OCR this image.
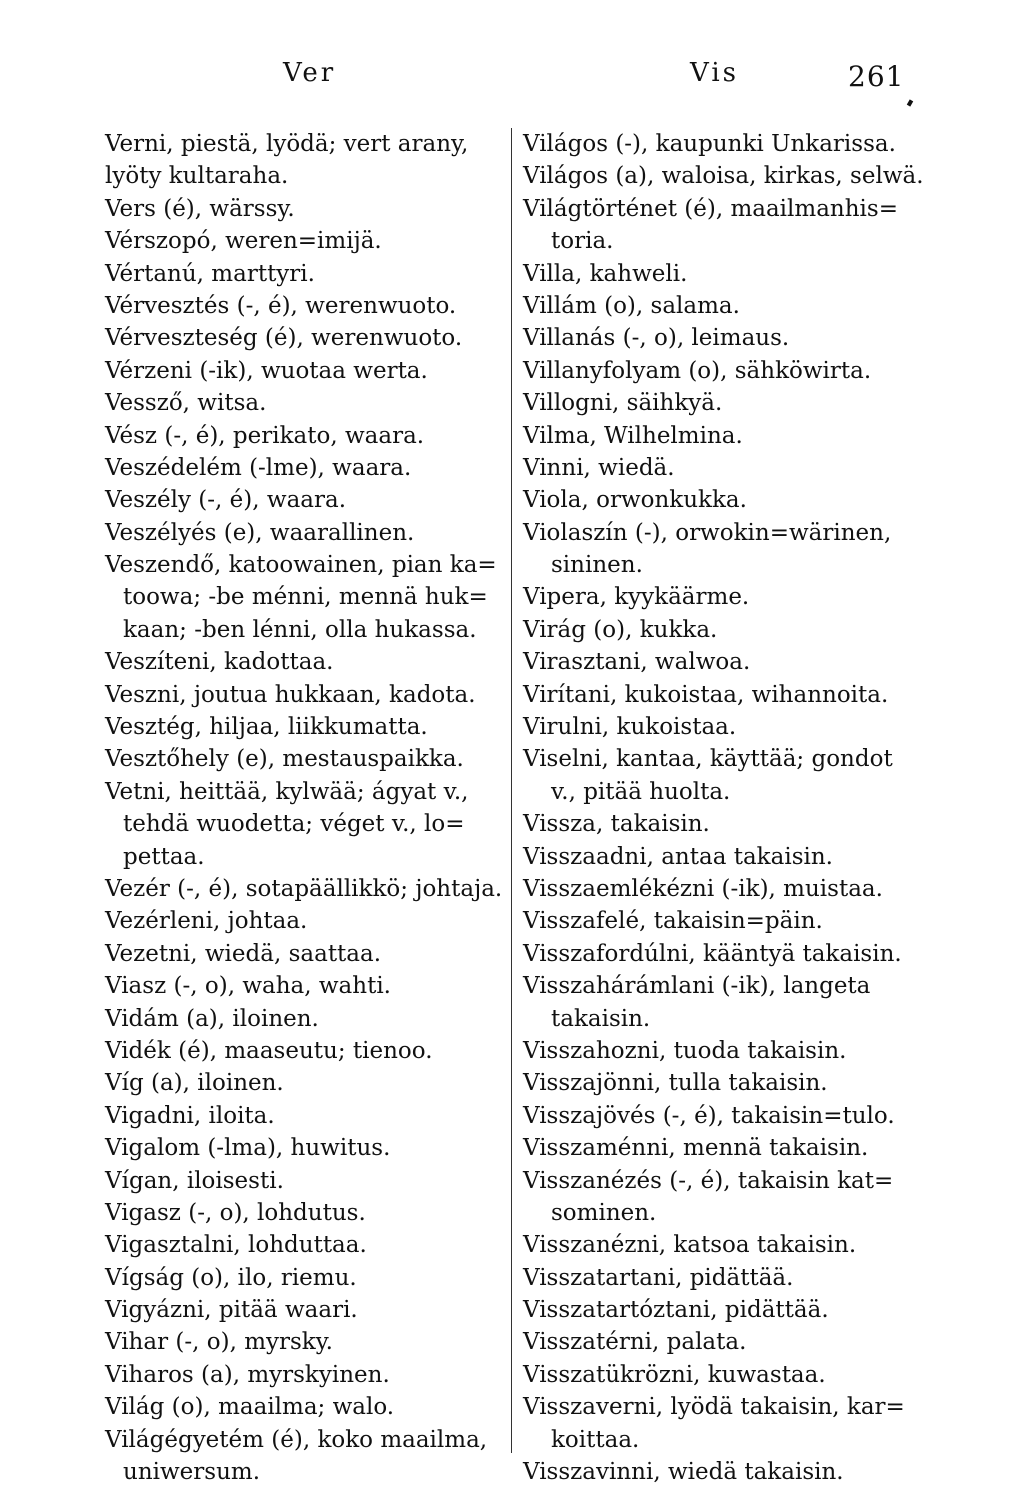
Ver	Vis	261
Verni, piestä, lyödä; vert arany,
lyöty kultaraha.
Vers (é), wärssy.
Vérszopó, weren=imijä.
Vértanú, marttyri.
Vérvesztés (-, é), werenwuoto.
Vérveszteség (é), werenwuoto.
Vérzeni (-ik), wuotaa werta.
Vessző, witsa.
Vész (-, é), perikato, waara.
Veszédelém (-lme), waara.
Veszély (-, é), waara.
Veszélyés (e), waarallinen.
Veszendő, katoowainen, pian ka=
toowa; -be ménni, mennä huk=
kaan; -ben lénni, olla hukassa.
Veszíteni, kadottaa.
Veszni, joutua hukkaan, kadota.
Vesztég, hiljaa, liikkumatta.
Vesztőhely (e), mestauspaikka.
Vetni, heittää, kylwää; ágyat v.,
tehdä wuodetta; véget v., lo=
pettaa.
Vezér (-, é), sotapäällikkö; johtaja.
Vezérleni, johtaa.
Vezetni, wiedä, saattaa.
Viasz (-, o), waha, wahti.
Vidám (a), iloinen.
Vidék (é), maaseutu; tienoo.
Víg (a), iloinen.
Vigadni, iloita.
Vigalom (-lma), huwitus.
Vígan, iloisesti.
Vigasz (-, o), lohdutus.
Vigasztalni, lohduttaa.
Vígság (o), ilo, riemu.
Vigyázni, pitää waari.
Vihar (-, o), myrsky.
Viharos (a), myrskyinen.
Világ (o), maailma; walo.
Világégyetém (é), koko maailma,
uniwersum.
Világos (-), kaupunki Unkarissa.
Világos (a), waloisa, kirkas, selwä.
Világtörténet (é), maailmanhis=
toria.
Villa, kahweli.
Villám (o), salama.
Villanás (-, o), leimaus.
Villanyfolyam (o), sähköwirta.
Villogni, säihkyä.
Vilma, Wilhelmina.
Vinni, wiedä.
Viola, orwonkukka.
Violaszín (-), orwokin=wärinen,
sininen.
Vipera, kyykäärme.
Virág (o), kukka.
Virasztani, walwoa.
Virítani, kukoistaa, wihannoita.
Virulni, kukoistaa.
Viselni, kantaa, käyttää; gondot
v., pitää huolta.
Vissza, takaisin.
Visszaadni, antaa takaisin.
Visszaemlékézni (-ik), muistaa.
Visszafelé, takaisin=päin.
Visszafordúlni, kääntyä takaisin.
Visszahárámlani (-ik), langeta
takaisin.
Visszahozni, tuoda takaisin.
Visszajönni, tulla takaisin.
Visszajövés (-, é), takaisin=tulo.
Visszaménni, mennä takaisin.
Visszanézés (-, é), takaisin kat=
sominen.
Visszanézni, katsoa takaisin.
Visszatartani, pidättää.
Visszatartóztani, pidättää.
Visszatérni, palata.
Visszatükrözni, kuwastaa.
Visszaverni, lyödä takaisin, kar=
koittaa.
Visszavinni, wiedä takaisin.
